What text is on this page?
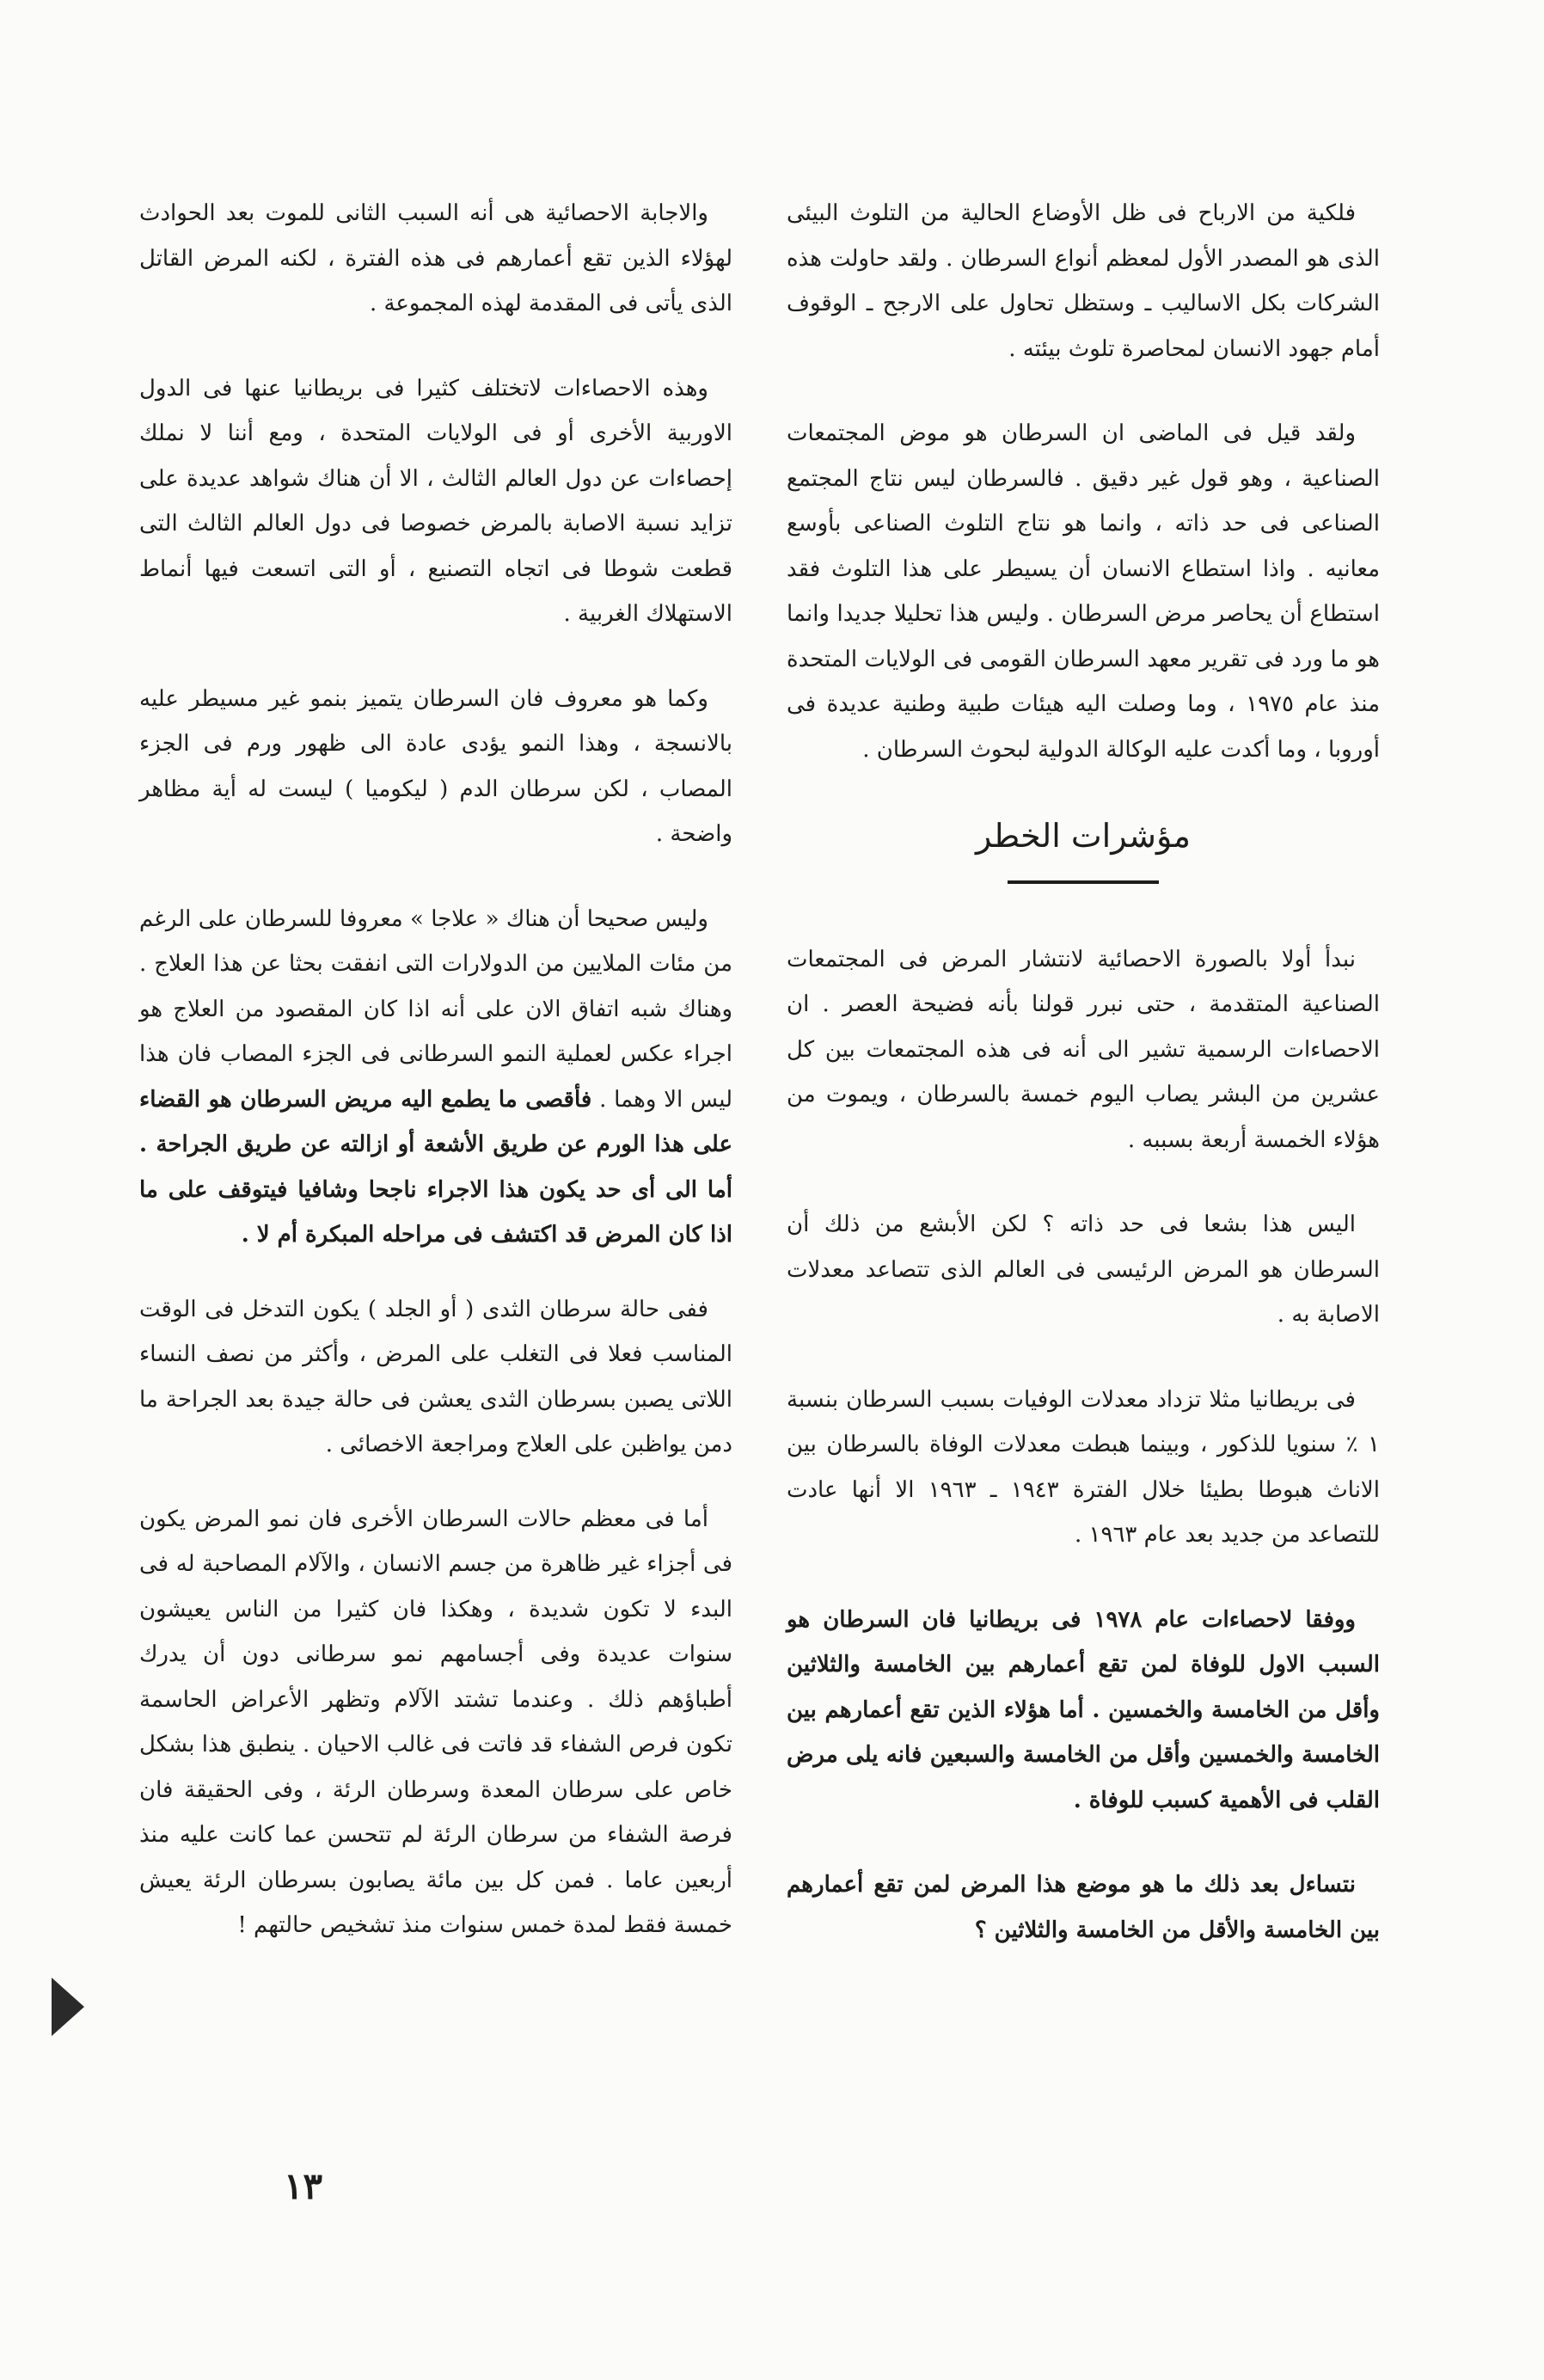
فلكية من الارباح فى ظل الأوضاع الحالية من التلوث البيئى الذى هو المصدر الأول لمعظم أنواع السرطان . ولقد حاولت هذه الشركات بكل الاساليب ـ وستظل تحاول على الارجح ـ الوقوف أمام جهود الانسان لمحاصرة تلوث بيئته .

ولقد قيل فى الماضى ان السرطان هو موض المجتمعات الصناعية ، وهو قول غير دقيق . فالسرطان ليس نتاج المجتمع الصناعى فى حد ذاته ، وانما هو نتاج التلوث الصناعى بأوسع معانيه . واذا استطاع الانسان أن يسيطر على هذا التلوث فقد استطاع أن يحاصر مرض السرطان . وليس هذا تحليلا جديدا وانما هو ما ورد فى تقرير معهد السرطان القومى فى الولايات المتحدة منذ عام ١٩٧٥ ، وما وصلت اليه هيئات طبية وطنية عديدة فى أوروبا ، وما أكدت عليه الوكالة الدولية لبحوث السرطان .

مؤشرات الخطر

نبدأ أولا بالصورة الاحصائية لانتشار المرض فى المجتمعات الصناعية المتقدمة ، حتى نبرر قولنا بأنه فضيحة العصر . ان الاحصاءات الرسمية تشير الى أنه فى هذه المجتمعات بين كل عشرين من البشر يصاب اليوم خمسة بالسرطان ، ويموت من هؤلاء الخمسة أربعة بسببه .

اليس هذا بشعا فى حد ذاته ؟ لكن الأبشع من ذلك أن السرطان هو المرض الرئيسى فى العالم الذى تتصاعد معدلات الاصابة به .

فى بريطانيا مثلا تزداد معدلات الوفيات بسبب السرطان بنسبة ١ ٪ سنويا للذكور ، وبينما هبطت معدلات الوفاة بالسرطان بين الاناث هبوطا بطيئا خلال الفترة ١٩٤٣ ـ ١٩٦٣ الا أنها عادت للتصاعد من جديد بعد عام ١٩٦٣ .

ووفقا لاحصاءات عام ١٩٧٨ فى بريطانيا فان السرطان هو السبب الاول للوفاة لمن تقع أعمارهم بين الخامسة والثلاثين وأقل من الخامسة والخمسين . أما هؤلاء الذين تقع أعمارهم بين الخامسة والخمسين وأقل من الخامسة والسبعين فانه يلى مرض القلب فى الأهمية كسبب للوفاة .

نتساءل بعد ذلك ما هو موضع هذا المرض لمن تقع أعمارهم بين الخامسة والأقل من الخامسة والثلاثين ؟

والاجابة الاحصائية هى أنه السبب الثانى للموت بعد الحوادث لهؤلاء الذين تقع أعمارهم فى هذه الفترة ، لكنه المرض القاتل الذى يأتى فى المقدمة لهذه المجموعة .

وهذه الاحصاءات لاتختلف كثيرا فى بريطانيا عنها فى الدول الاوربية الأخرى أو فى الولايات المتحدة ، ومع أننا لا نملك إحصاءات عن دول العالم الثالث ، الا أن هناك شواهد عديدة على تزايد نسبة الاصابة بالمرض خصوصا فى دول العالم الثالث التى قطعت شوطا فى اتجاه التصنيع ، أو التى اتسعت فيها أنماط الاستهلاك الغربية .

وكما هو معروف فان السرطان يتميز بنمو غير مسيطر عليه بالانسجة ، وهذا النمو يؤدى عادة الى ظهور ورم فى الجزء المصاب ، لكن سرطان الدم ( ليكوميا ) ليست له أية مظاهر واضحة .

وليس صحيحا أن هناك « علاجا » معروفا للسرطان على الرغم من مئات الملايين من الدولارات التى انفقت بحثا عن هذا العلاج . وهناك شبه اتفاق الان على أنه اذا كان المقصود من العلاج هو اجراء عكس لعملية النمو السرطانى فى الجزء المصاب فان هذا ليس الا وهما . فأقصى ما يطمع اليه مريض السرطان هو القضاء على هذا الورم عن طريق الأشعة أو ازالته عن طريق الجراحة . أما الى أى حد يكون هذا الاجراء ناجحا وشافيا فيتوقف على ما اذا كان المرض قد اكتشف فى مراحله المبكرة أم لا .

ففى حالة سرطان الثدى ( أو الجلد ) يكون التدخل فى الوقت المناسب فعلا فى التغلب على المرض ، وأكثر من نصف النساء اللاتى يصبن بسرطان الثدى يعشن فى حالة جيدة بعد الجراحة ما دمن يواظبن على العلاج ومراجعة الاخصائى .

أما فى معظم حالات السرطان الأخرى فان نمو المرض يكون فى أجزاء غير ظاهرة من جسم الانسان ، والآلام المصاحبة له فى البدء لا تكون شديدة ، وهكذا فان كثيرا من الناس يعيشون سنوات عديدة وفى أجسامهم نمو سرطانى دون أن يدرك أطباؤهم ذلك . وعندما تشتد الآلام وتظهر الأعراض الحاسمة تكون فرص الشفاء قد فاتت فى غالب الاحيان . ينطبق هذا بشكل خاص على سرطان المعدة وسرطان الرئة ، وفى الحقيقة فان فرصة الشفاء من سرطان الرئة لم تتحسن عما كانت عليه منذ أربعين عاما . فمن كل بين مائة يصابون بسرطان الرئة يعيش خمسة فقط لمدة خمس سنوات منذ تشخيص حالتهم !

١٣
